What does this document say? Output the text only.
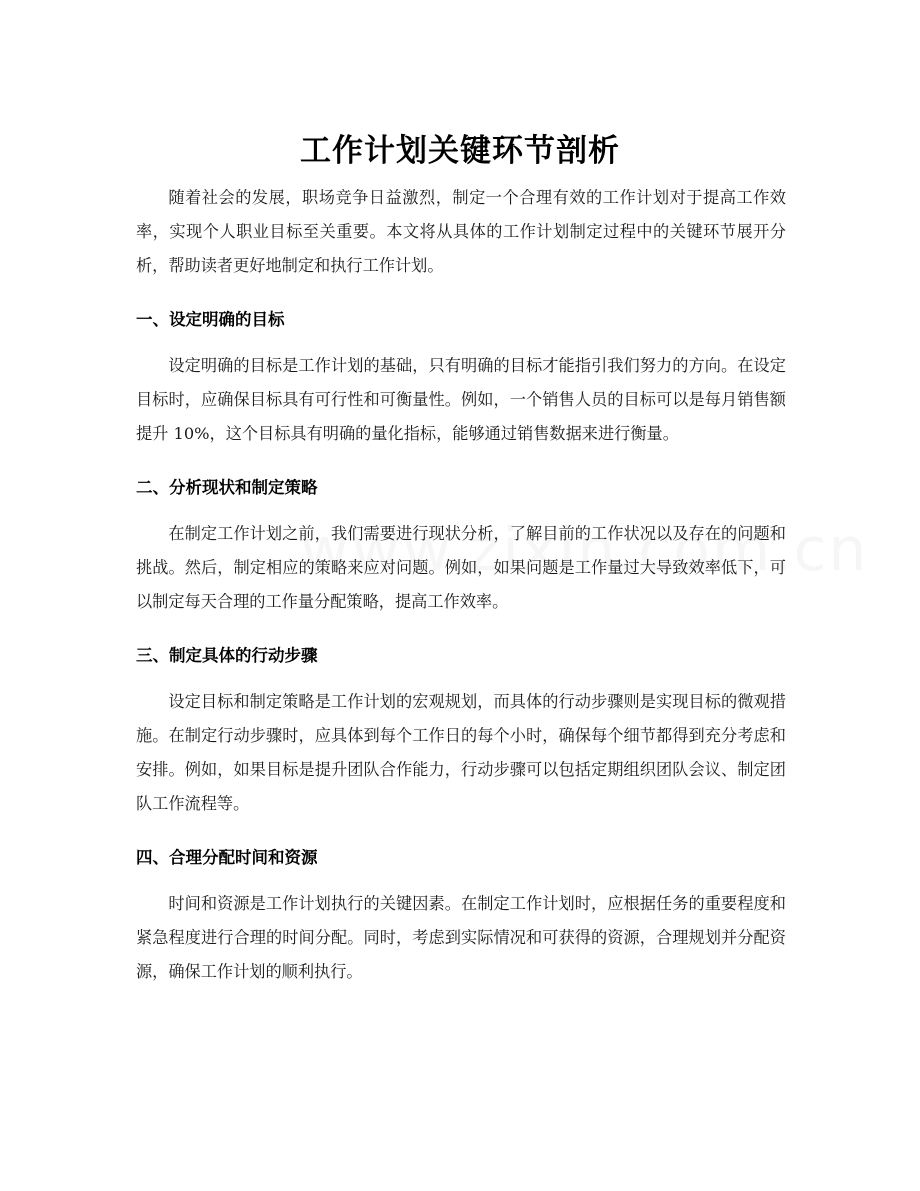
工作计划关键环节剖析

随着社会的发展，职场竞争日益激烈，制定一个合理有效的工作计划对于提高工作效率，实现个人职业目标至关重要。本文将从具体的工作计划制定过程中的关键环节展开分析，帮助读者更好地制定和执行工作计划。

一、设定明确的目标

设定明确的目标是工作计划的基础，只有明确的目标才能指引我们努力的方向。在设定目标时，应确保目标具有可行性和可衡量性。例如，一个销售人员的目标可以是每月销售额提升 10%，这个目标具有明确的量化指标，能够通过销售数据来进行衡量。

二、分析现状和制定策略

在制定工作计划之前，我们需要进行现状分析，了解目前的工作状况以及存在的问题和挑战。然后，制定相应的策略来应对问题。例如，如果问题是工作量过大导致效率低下，可以制定每天合理的工作量分配策略，提高工作效率。

三、制定具体的行动步骤

设定目标和制定策略是工作计划的宏观规划，而具体的行动步骤则是实现目标的微观措施。在制定行动步骤时，应具体到每个工作日的每个小时，确保每个细节都得到充分考虑和安排。例如，如果目标是提升团队合作能力，行动步骤可以包括定期组织团队会议、制定团队工作流程等。

四、合理分配时间和资源

时间和资源是工作计划执行的关键因素。在制定工作计划时，应根据任务的重要程度和紧急程度进行合理的时间分配。同时，考虑到实际情况和可获得的资源，合理规划并分配资源，确保工作计划的顺利执行。
